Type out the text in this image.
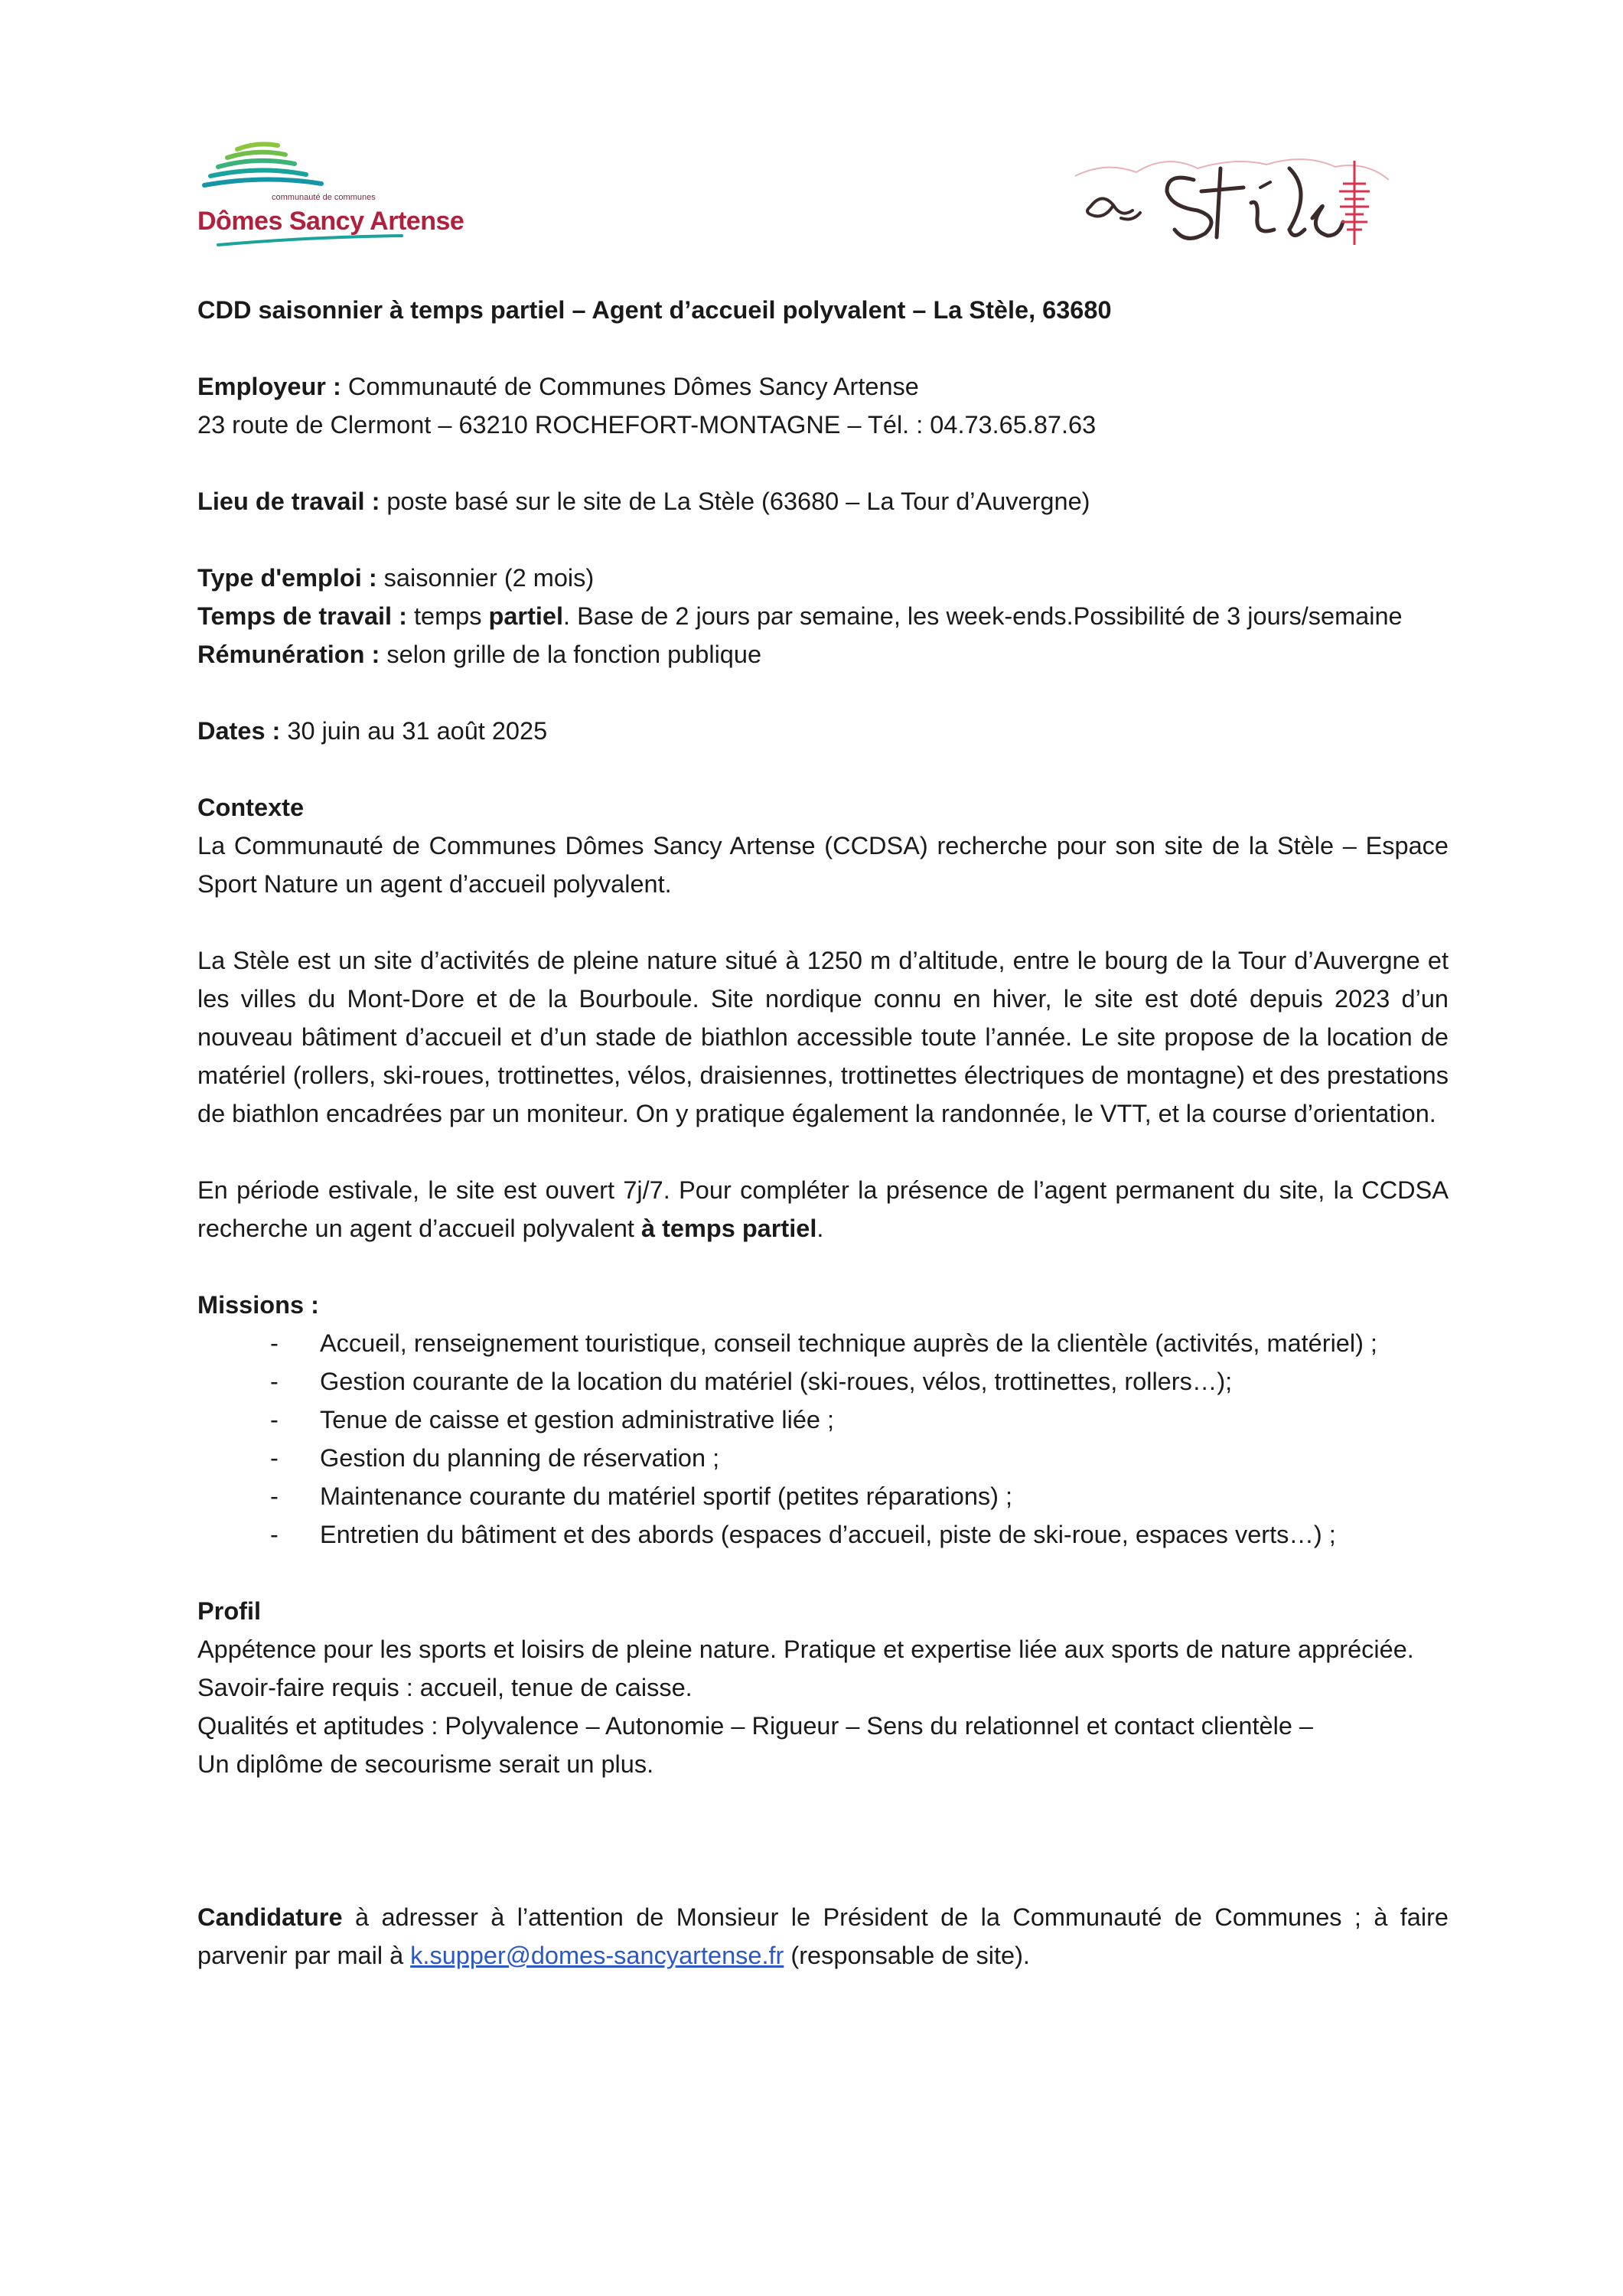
communauté de communes
Dômes Sancy Artense

CDD saisonnier à temps partiel – Agent d’accueil polyvalent – La Stèle, 63680

Employeur : Communauté de Communes Dômes Sancy Artense

23 route de Clermont – 63210 ROCHEFORT-MONTAGNE – Tél. : 04.73.65.87.63

Lieu de travail : poste basé sur le site de La Stèle (63680 – La Tour d’Auvergne)

Type d'emploi : saisonnier (2 mois)

Temps de travail : temps partiel. Base de 2 jours par semaine, les week-ends.Possibilité de 3 jours/semaine

Rémunération : selon grille de la fonction publique

Dates : 30 juin au 31 août 2025

Contexte

La Communauté de Communes Dômes Sancy Artense (CCDSA) recherche pour son site de la Stèle – Espace Sport Nature un agent d’accueil polyvalent.

La Stèle est un site d’activités de pleine nature situé à 1250 m d’altitude, entre le bourg de la Tour d’Auvergne et les villes du Mont-Dore et de la Bourboule. Site nordique connu en hiver, le site est doté depuis 2023 d’un nouveau bâtiment d’accueil et d’un stade de biathlon accessible toute l’année. Le site propose de la location de matériel (rollers, ski-roues, trottinettes, vélos, draisiennes, trottinettes électriques de montagne) et des prestations de biathlon encadrées par un moniteur. On y pratique également la randonnée, le VTT, et la course d’orientation.

En période estivale, le site est ouvert 7j/7. Pour compléter la présence de l’agent permanent du site, la CCDSA recherche un agent d’accueil polyvalent à temps partiel.

Missions :

- Accueil, renseignement touristique, conseil technique auprès de la clientèle (activités, matériel) ;
- Gestion courante de la location du matériel (ski-roues, vélos, trottinettes, rollers…);
- Tenue de caisse et gestion administrative liée ;
- Gestion du planning de réservation ;
- Maintenance courante du matériel sportif (petites réparations) ;
- Entretien du bâtiment et des abords (espaces d’accueil, piste de ski-roue, espaces verts…) ;

Profil

Appétence pour les sports et loisirs de pleine nature. Pratique et expertise liée aux sports de nature appréciée.

Savoir-faire requis : accueil, tenue de caisse.

Qualités et aptitudes : Polyvalence – Autonomie – Rigueur – Sens du relationnel et contact clientèle –

Un diplôme de secourisme serait un plus.

Candidature à adresser à l’attention de Monsieur le Président de la Communauté de Communes ; à faire parvenir par mail à k.supper@domes-sancyartense.fr (responsable de site).
